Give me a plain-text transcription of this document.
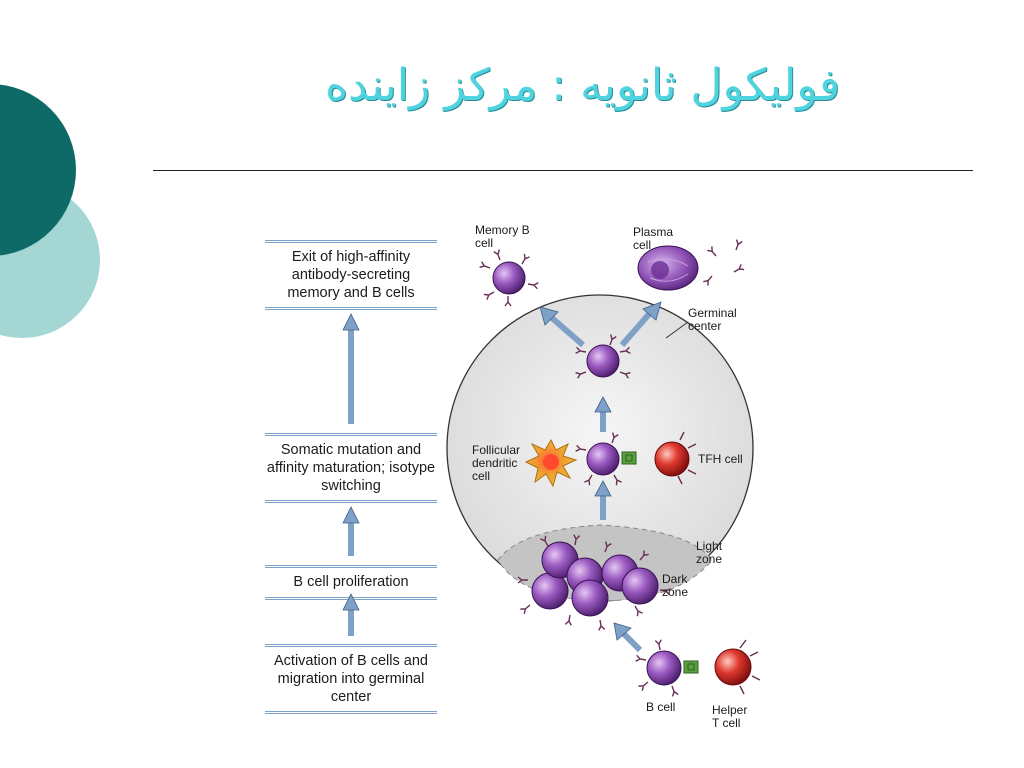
فولیکول ثانویه : مرکز زاینده
Exit of high-affinity antibody-secreting memory and B cells
Somatic mutation and affinity maturation; isotype switching
B cell proliferation
Activation of B cells and migration into germinal center
Memory B cell
Plasma cell
Germinal center
Follicular dendritic cell
TFH cell
Light zone
Dark zone
B cell	Helper T cell
